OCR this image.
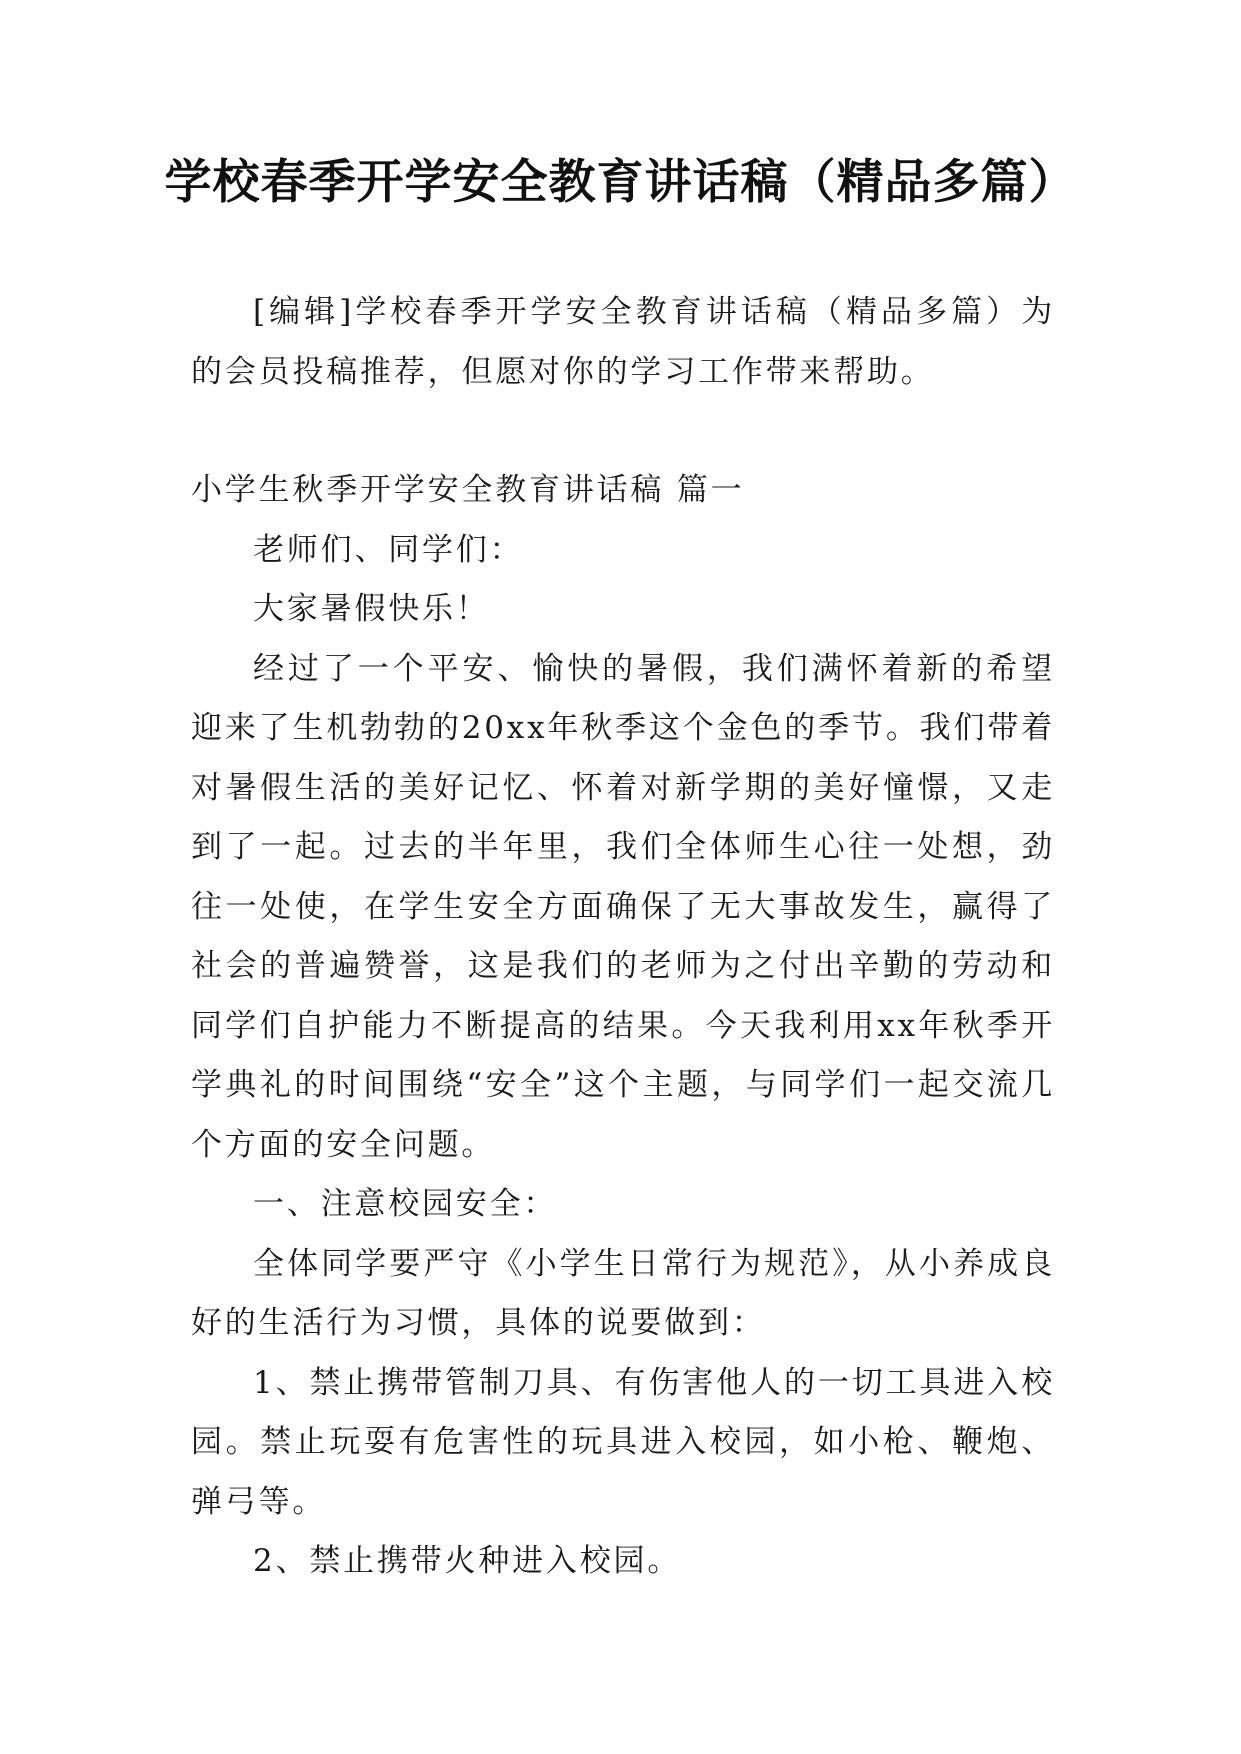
学校春季开学安全教育讲话稿（精品多篇）

[编辑]学校春季开学安全教育讲话稿（精品多篇）为的会员投稿推荐，但愿对你的学习工作带来帮助。

小学生秋季开学安全教育讲话稿 篇一

老师们、同学们：

大家暑假快乐！

经过了一个平安、愉快的暑假，我们满怀着新的希望迎来了生机勃勃的20xx年秋季这个金色的季节。我们带着对暑假生活的美好记忆、怀着对新学期的美好憧憬，又走到了一起。过去的半年里，我们全体师生心往一处想，劲往一处使，在学生安全方面确保了无大事故发生，赢得了社会的普遍赞誉，这是我们的老师为之付出辛勤的劳动和同学们自护能力不断提高的结果。今天我利用xx年秋季开学典礼的时间围绕“安全”这个主题，与同学们一起交流几个方面的安全问题。

一、注意校园安全：

全体同学要严守《小学生日常行为规范》，从小养成良好的生活行为习惯，具体的说要做到：

1、禁止携带管制刀具、有伤害他人的一切工具进入校园。禁止玩耍有危害性的玩具进入校园，如小枪、鞭炮、弹弓等。

2、禁止携带火种进入校园。
